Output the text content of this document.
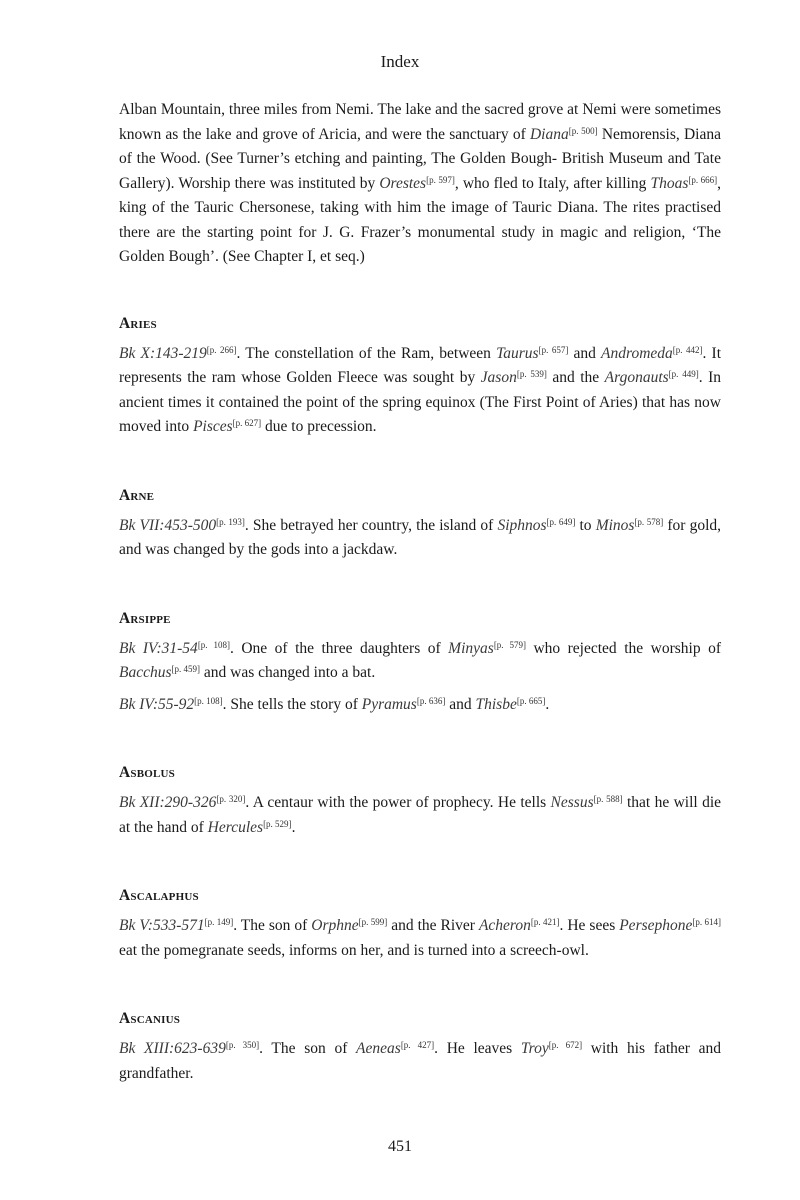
Index

Alban Mountain, three miles from Nemi. The lake and the sacred grove at Nemi were sometimes known as the lake and grove of Aricia, and were the sanctuary of Diana[p. 500] Nemorensis, Diana of the Wood. (See Turner’s etching and painting, The Golden Bough- British Museum and Tate Gallery). Worship there was instituted by Orestes[p. 597], who fled to Italy, after killing Thoas[p. 666], king of the Tauric Chersonese, taking with him the image of Tauric Diana. The rites practised there are the starting point for J. G. Frazer’s monumental study in magic and religion, ‘The Golden Bough’. (See Chapter I, et seq.)

Aries

Bk X:143-219[p. 266]. The constellation of the Ram, between Taurus[p. 657] and Andromeda[p. 442]. It represents the ram whose Golden Fleece was sought by Jason[p. 539] and the Argonauts[p. 449]. In ancient times it contained the point of the spring equinox (The First Point of Aries) that has now moved into Pisces[p. 627] due to precession.

Arne

Bk VII:453-500[p. 193]. She betrayed her country, the island of Siphnos[p. 649] to Minos[p. 578] for gold, and was changed by the gods into a jackdaw.

Arsippe

Bk IV:31-54[p. 108]. One of the three daughters of Minyas[p. 579] who rejected the worship of Bacchus[p. 459] and was changed into a bat.

Bk IV:55-92[p. 108]. She tells the story of Pyramus[p. 636] and Thisbe[p. 665].

Asbolus

Bk XII:290-326[p. 320]. A centaur with the power of prophecy. He tells Nessus[p. 588] that he will die at the hand of Hercules[p. 529].

Ascalaphus

Bk V:533-571[p. 149]. The son of Orphne[p. 599] and the River Acheron[p. 421]. He sees Persephone[p. 614] eat the pomegranate seeds, informs on her, and is turned into a screech-owl.

Ascanius

Bk XIII:623-639[p. 350]. The son of Aeneas[p. 427]. He leaves Troy[p. 672] with his father and grandfather.

451
